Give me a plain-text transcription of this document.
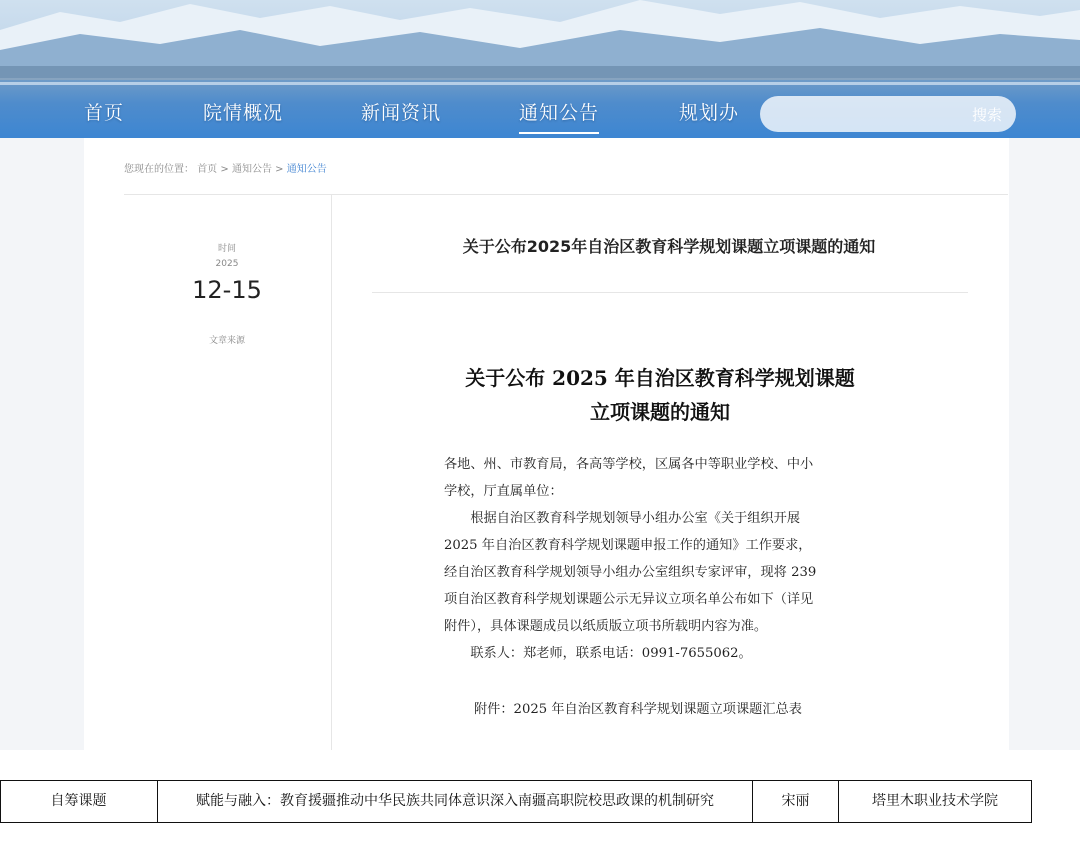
首页	院情概况	新闻资讯	通知公告	规划办	搜索
您现在的位置： 首页 > 通知公告 > 通知公告
时间
2025
12-15
文章来源
关于公布2025年自治区教育科学规划课题立项课题的通知
关于公布 2025 年自治区教育科学规划课题
立项课题的通知
各地、州、市教育局，各高等学校，区属各中等职业学校、中小
学校，厅直属单位：
　　根据自治区教育科学规划领导小组办公室《关于组织开展
2025 年自治区教育科学规划课题申报工作的通知》工作要求，
经自治区教育科学规划领导小组办公室组织专家评审，现将 239
项自治区教育科学规划课题公示无异议立项名单公布如下（详见
附件），具体课题成员以纸质版立项书所载明内容为准。
　　联系人：郑老师，联系电话：0991-7655062。
附件：2025 年自治区教育科学规划课题立项课题汇总表
自筹课题	赋能与融入：教育援疆推动中华民族共同体意识深入南疆高职院校思政课的机制研究	宋丽	塔里木职业技术学院
